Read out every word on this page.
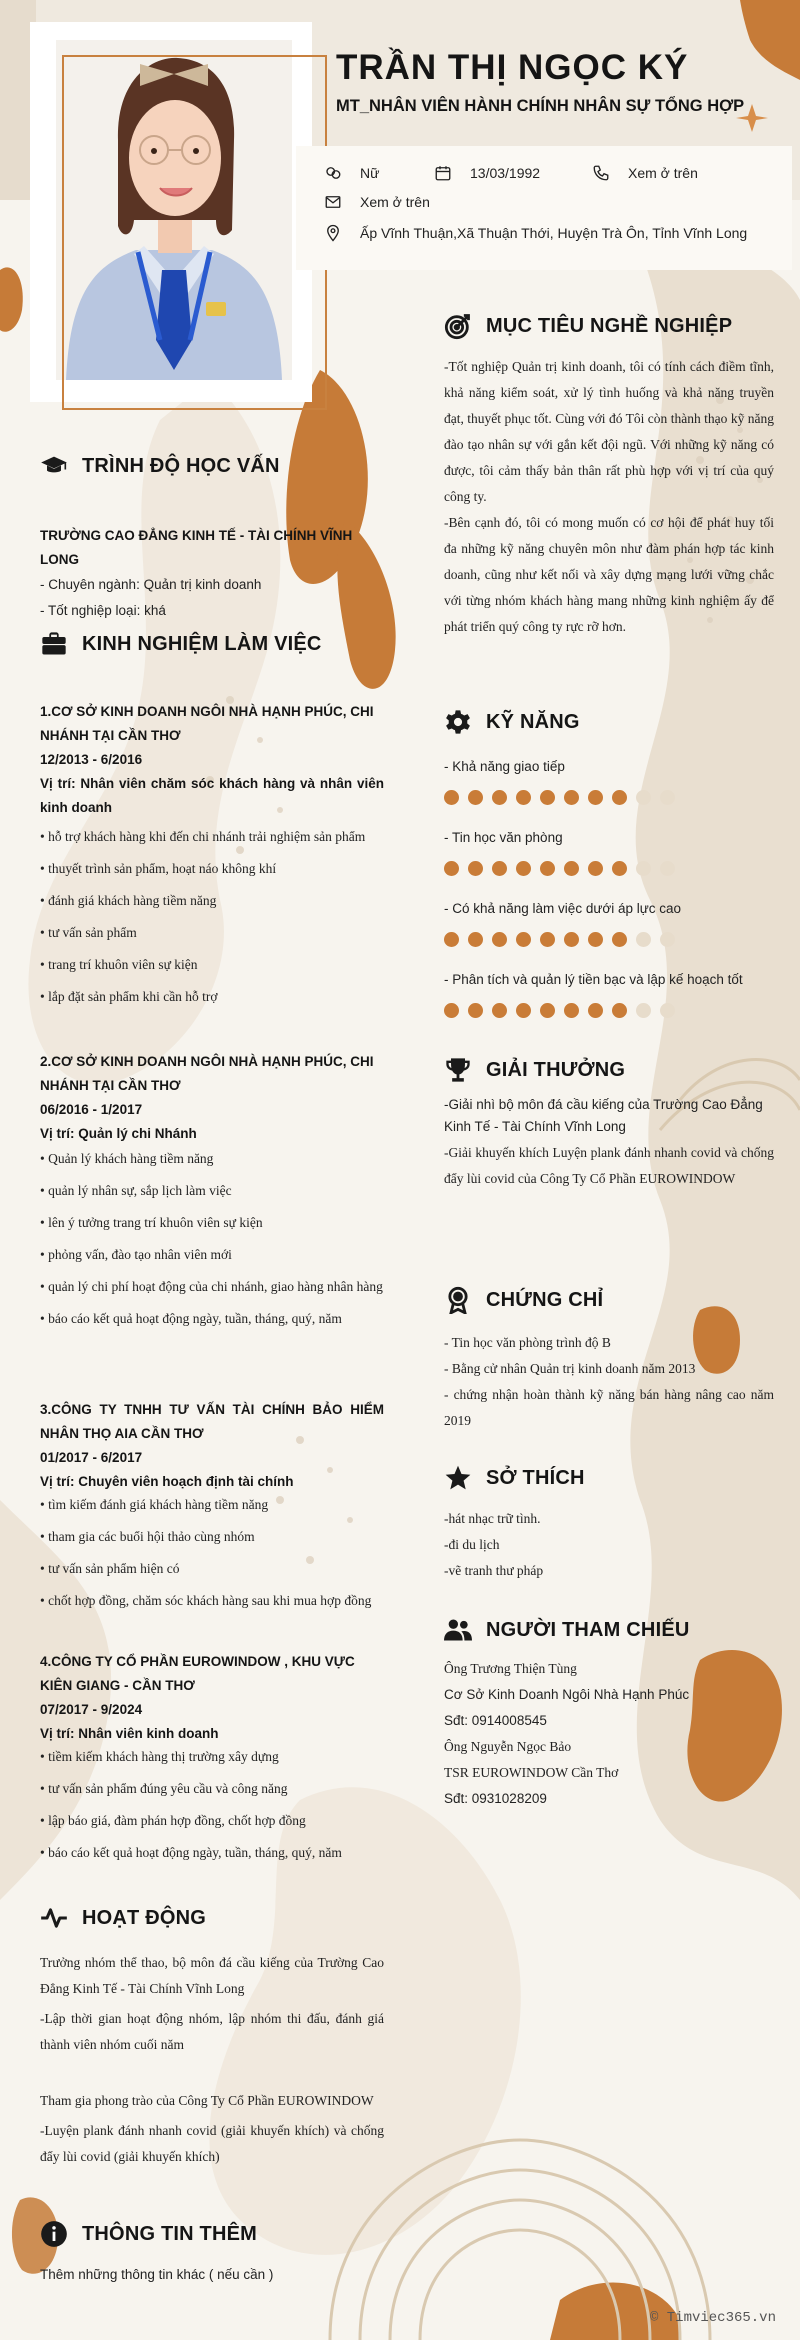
TRẦN THỊ NGỌC KÝ
MT_NHÂN VIÊN HÀNH CHÍNH NHÂN SỰ TỔNG HỢP
Nữ	13/03/1992	Xem ở trên
Xem ở trên
Ấp Vĩnh Thuận,Xã Thuận Thới, Huyện Trà Ôn, Tỉnh Vĩnh Long
TRÌNH ĐỘ HỌC VẤN
TRƯỜNG CAO ĐẲNG KINH TẾ - TÀI CHÍNH VĨNH LONG
- Chuyên ngành: Quản trị kinh doanh
- Tốt nghiệp loại: khá
KINH NGHIỆM LÀM VIỆC
1.CƠ SỞ KINH DOANH NGÔI NHÀ HẠNH PHÚC, CHI NHÁNH TẠI CẦN THƠ
12/2013 - 6/2016
Vị trí: Nhân viên chăm sóc khách hàng và nhân viên kinh doanh
• hỗ trợ khách hàng khi đến chi nhánh trải nghiệm sản phẩm
• thuyết trình sản phẩm, hoạt náo không khí
• đánh giá khách hàng tiềm năng
• tư vấn sản phẩm
• trang trí khuôn viên sự kiện
• lắp đặt sản phẩm khi cần hỗ trợ
2.CƠ SỞ KINH DOANH NGÔI NHÀ HẠNH PHÚC, CHI NHÁNH TẠI CẦN THƠ
06/2016 - 1/2017
Vị trí: Quản lý chi Nhánh
• Quản lý khách hàng tiềm năng
• quản lý nhân sự, sắp lịch làm việc
• lên ý tưởng trang trí khuôn viên sự kiện
• phỏng vấn, đào tạo nhân viên mới
• quản lý chi phí hoạt động của chi nhánh, giao hàng nhân hàng
• báo cáo kết quả hoạt động ngày, tuần, tháng, quý, năm
3.CÔNG TY TNHH TƯ VẤN TÀI CHÍNH BẢO HIỂM NHÂN THỌ AIA CẦN THƠ
01/2017 - 6/2017
Vị trí: Chuyên viên hoạch định tài chính
• tìm kiếm đánh giá khách hàng tiềm năng
• tham gia các buổi hội thảo cùng nhóm
• tư vấn sản phẩm hiện có
• chốt hợp đồng, chăm sóc khách hàng sau khi mua hợp đồng
4.CÔNG TY CỔ PHẦN EUROWINDOW , KHU VỰC KIÊN GIANG - CẦN THƠ
07/2017 - 9/2024
Vị trí: Nhân viên kinh doanh
• tiềm kiếm khách hàng thị trường xây dựng
• tư vấn sản phẩm đúng yêu cầu và công năng
• lập báo giá, đàm phán hợp đồng, chốt hợp đồng
• báo cáo kết quả hoạt động ngày, tuần, tháng, quý, năm
HOẠT ĐỘNG
Trưởng nhóm thể thao, bộ môn đá cầu kiếng của Trường Cao Đẳng Kinh Tế - Tài Chính Vĩnh Long
-Lập thời gian hoạt động nhóm, lập nhóm thi đấu, đánh giá thành viên nhóm cuối năm
Tham gia phong trào của Công Ty Cổ Phần EUROWINDOW
-Luyện plank đánh nhanh covid (giải khuyến khích) và chống đẩy lùi covid (giải khuyến khích)
THÔNG TIN THÊM
Thêm những thông tin khác ( nếu cần )
MỤC TIÊU NGHỀ NGHIỆP
-Tốt nghiệp Quản trị kinh doanh, tôi có tính cách điềm tĩnh, khả năng kiểm soát, xử lý tình huống và khả năng truyền đạt, thuyết phục tốt. Cùng với đó Tôi còn thành thạo kỹ năng đào tạo nhân sự với gắn kết đội ngũ. Với những kỹ năng có được, tôi cảm thấy bản thân rất phù hợp với vị trí của quý công ty.
-Bên cạnh đó, tôi có mong muốn có cơ hội để phát huy tối đa những kỹ năng chuyên môn như đàm phán hợp tác kinh doanh, cũng như kết nối và xây dựng mạng lưới vững chắc với từng nhóm khách hàng mang những kinh nghiệm ấy để phát triển quý công ty rực rỡ hơn.
KỸ NĂNG
- Khả năng giao tiếp
- Tin học văn phòng
- Có khả năng làm việc dưới áp lực cao
- Phân tích và quản lý tiền bạc và lập kế hoạch tốt
GIẢI THƯỞNG
-Giải nhì bộ môn đá cầu kiếng của Trường Cao Đẳng Kinh Tế - Tài Chính Vĩnh Long
-Giải khuyến khích Luyện plank đánh nhanh covid và chống đẩy lùi covid của Công Ty Cổ Phần EUROWINDOW
CHỨNG CHỈ
- Tin học văn phòng trình độ B
- Bằng cử nhân Quản trị kinh doanh năm 2013
- chứng nhận hoàn thành kỹ năng bán hàng nâng cao năm 2019
SỞ THÍCH
-hát nhạc trữ tình.
-đi du lịch
-vẽ tranh thư pháp
NGƯỜI THAM CHIẾU
Ông Trương Thiện Tùng
Cơ Sở Kinh Doanh Ngôi Nhà Hạnh Phúc
Sđt: 0914008545
Ông Nguyễn Ngọc Bảo
TSR EUROWINDOW Cần Thơ
Sđt: 0931028209
© Timviec365.vn
